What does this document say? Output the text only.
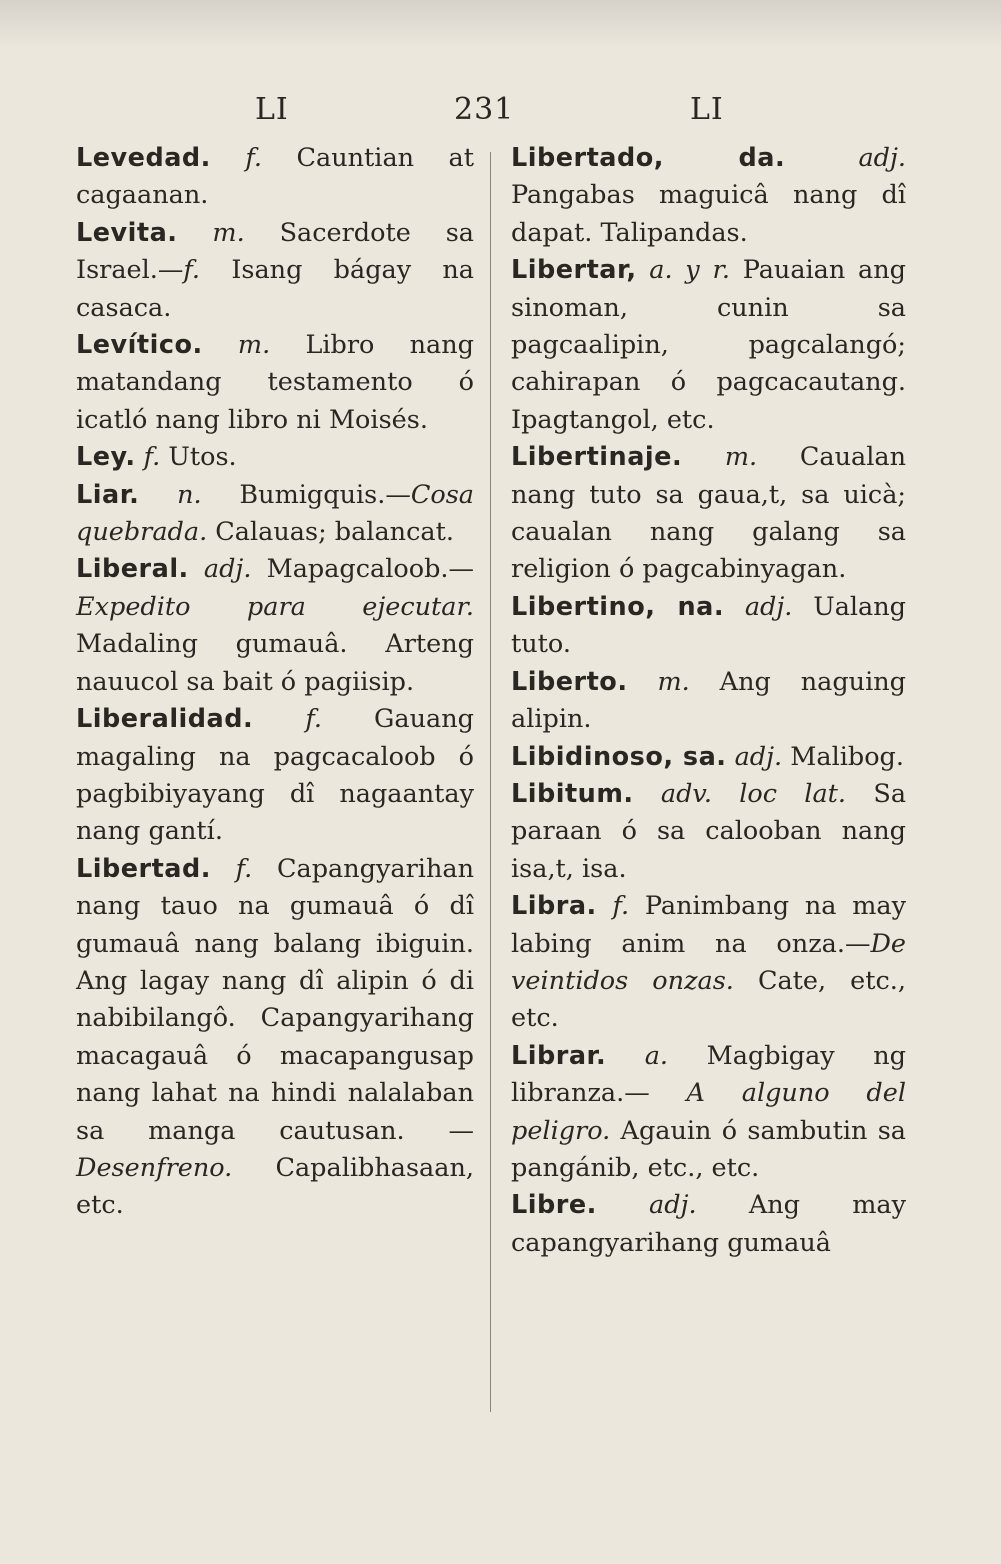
LI	231	LI

Levedad. f. Cauntian at cagaanan.

Levita. m. Sacerdote sa Israel.—f. Isang bágay na casaca.

Levítico. m. Libro nang matandang testamento ó icatló nang libro ni Moisés.

Ley. f. Utos.

Liar. n. Bumigquis.—Cosa quebrada. Calauas; balancat.

Liberal. adj. Mapagcaloob.—Expedito para ejecutar. Madaling gumauâ. Arteng nauucol sa bait ó pagiisip.

Liberalidad. f. Gauang magaling na pagcacaloob ó pagbibiyayang dî nagaantay nang gantí.

Libertad. f. Capangyarihan nang tauo na gumauâ ó dî gumauâ nang balang ibiguin. Ang lagay nang dî alipin ó di nabibilangô. Capangyarihang macagauâ ó macapangusap nang lahat na hindi nalalaban sa manga cautusan. — Desenfreno. Capalibhasaan, etc.

Libertado, da.	adj. Pangabas maguicâ nang dî dapat. Talipandas.

Libertar, a. y r. Pauaian ang sinoman, cunin sa pagcaalipin, pagcalangó; cahirapan ó pagcacautang. Ipagtangol, etc.

Libertinaje. m. Caualan nang tuto sa gaua,t, sa uicà; caualan nang galang sa religion ó pagcabinyagan.

Libertino, na. adj. Ualang tuto.

Liberto. m. Ang naguing alipin.

Libidinoso, sa. adj. Malibog.

Libitum. adv. loc lat. Sa paraan ó sa calooban nang isa,t, isa.

Libra. f. Panimbang na may labing anim na onza.—De veintidos onzas. Cate, etc., etc.

Librar. a. Magbigay ng libranza.— A alguno del peligro. Agauin ó sambutin sa pangánib, etc., etc.

Libre. adj. Ang may capangyarihang gumauâ
